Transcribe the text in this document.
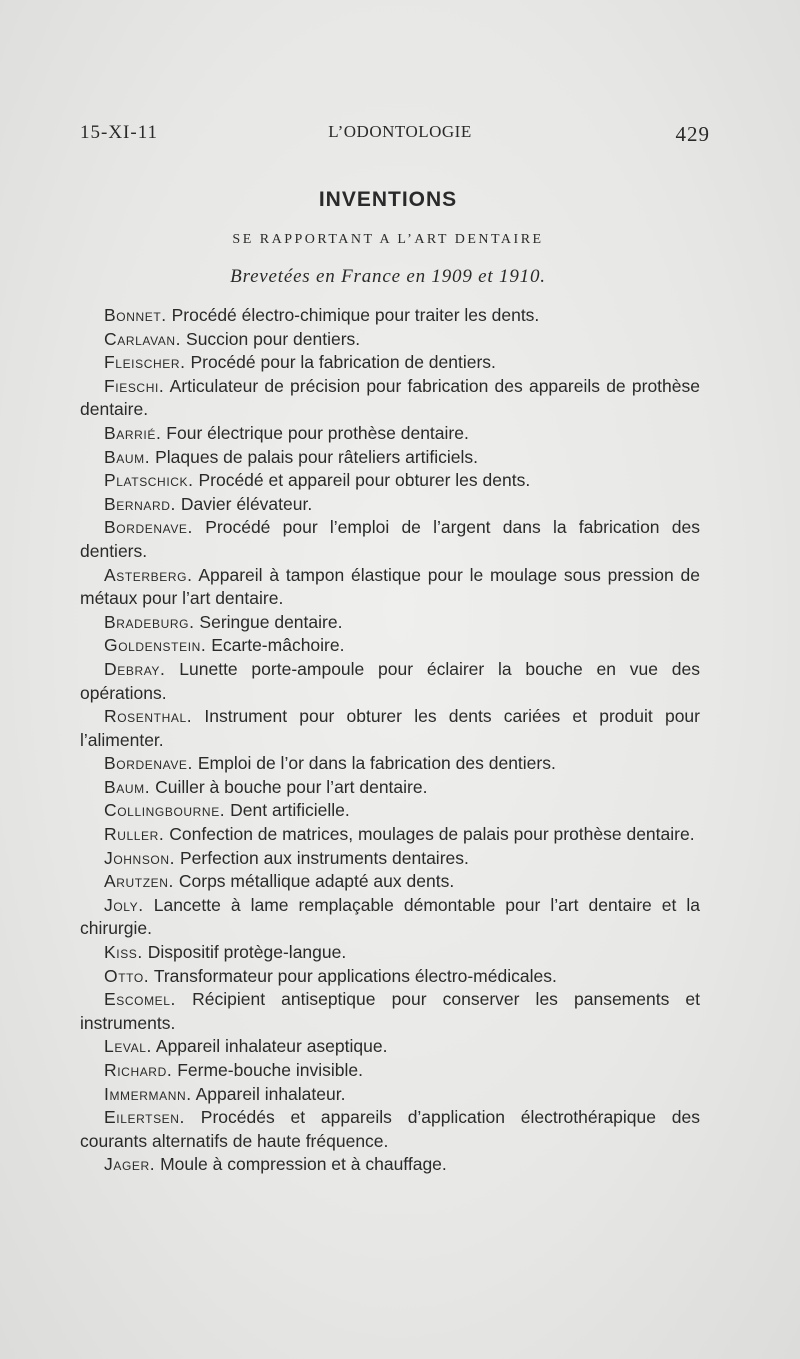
15-XI-11	L’ODONTOLOGIE	429
INVENTIONS
SE RAPPORTANT A L’ART DENTAIRE
Brevetées en France en 1909 et 1910.

Bonnet. Procédé électro-chimique pour traiter les dents.

Carlavan. Succion pour dentiers.

Fleischer. Procédé pour la fabrication de dentiers.

Fieschi. Articulateur de précision pour fabrication des appareils de prothèse dentaire.

Barrié. Four électrique pour prothèse dentaire.

Baum. Plaques de palais pour râteliers artificiels.

Platschick. Procédé et appareil pour obturer les dents.

Bernard. Davier élévateur.

Bordenave. Procédé pour l’emploi de l’argent dans la fabrication des dentiers.

Asterberg. Appareil à tampon élastique pour le moulage sous pression de métaux pour l’art dentaire.

Bradeburg. Seringue dentaire.

Goldenstein. Ecarte-mâchoire.

Debray. Lunette porte-ampoule pour éclairer la bouche en vue des opérations.

Rosenthal. Instrument pour obturer les dents cariées et produit pour l’alimenter.

Bordenave. Emploi de l’or dans la fabrication des dentiers.

Baum. Cuiller à bouche pour l’art dentaire.

Collingbourne. Dent artificielle.

Ruller. Confection de matrices, moulages de palais pour prothèse dentaire.

Johnson. Perfection aux instruments dentaires.

Arutzen. Corps métallique adapté aux dents.

Joly. Lancette à lame remplaçable démontable pour l’art dentaire et la chirurgie.

Kiss. Dispositif protège-langue.

Otto. Transformateur pour applications électro-médicales.

Escomel. Récipient antiseptique pour conserver les pansements et instruments.

Leval. Appareil inhalateur aseptique.

Richard. Ferme-bouche invisible.

Immermann. Appareil inhalateur.

Eilertsen. Procédés et appareils d’application électrothérapique des courants alternatifs de haute fréquence.

Jager. Moule à compression et à chauffage.
